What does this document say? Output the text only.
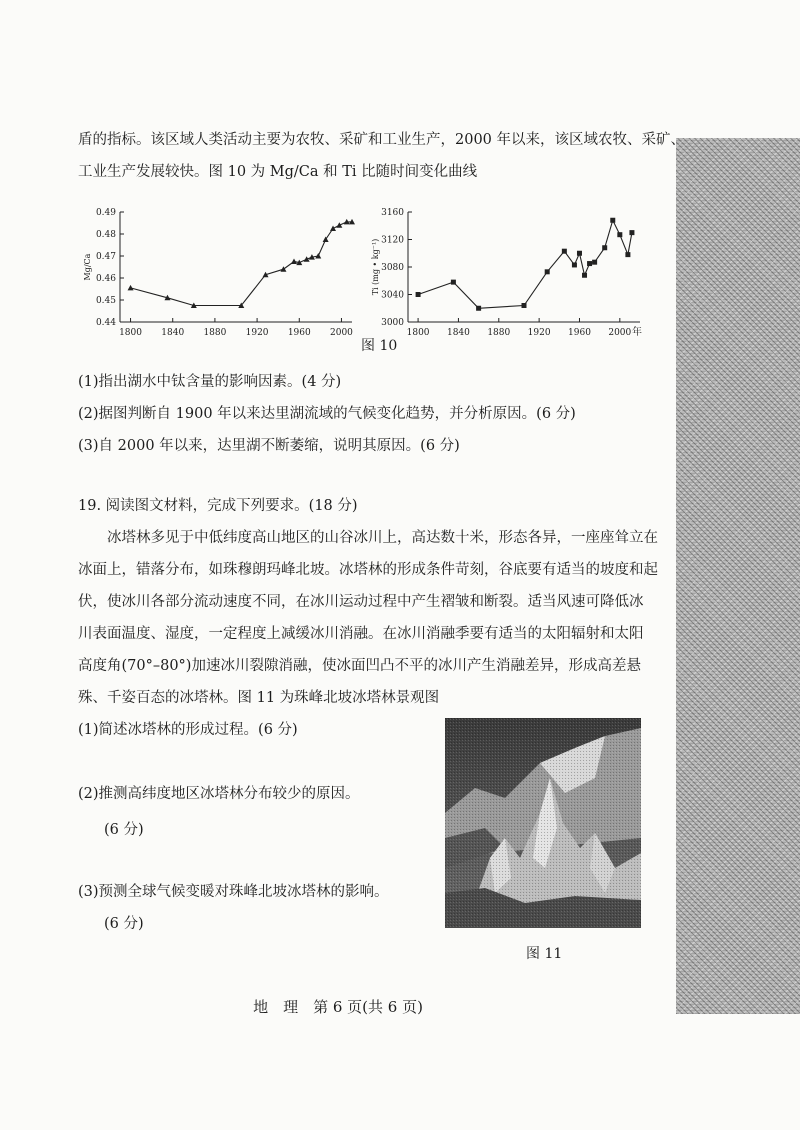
盾的指标。该区域人类活动主要为农牧、采矿和工业生产，2000 年以来，该区域农牧、采矿、
工业生产发展较快。图 10 为 Mg/Ca 和 Ti 比随时间变化曲线
0.44
0.45
0.46
0.47
0.48
0.49
1800 1840 1880 1920 1960 2000
Mg/Ca
3000
3040
3080
3120
3160
1800 1840 1880 1920 1960 2000 年
Ti (mg • kg⁻¹)
图 10
(1)指出湖水中钛含量的影响因素。(4 分)
(2)据图判断自 1900 年以来达里湖流域的气候变化趋势，并分析原因。(6 分)
(3)自 2000 年以来，达里湖不断萎缩，说明其原因。(6 分)
19. 阅读图文材料，完成下列要求。(18 分)
冰塔林多见于中低纬度高山地区的山谷冰川上，高达数十米，形态各异，一座座耸立在
冰面上，错落分布，如珠穆朗玛峰北坡。冰塔林的形成条件苛刻，谷底要有适当的坡度和起
伏，使冰川各部分流动速度不同，在冰川运动过程中产生褶皱和断裂。适当风速可降低冰
川表面温度、湿度，一定程度上减缓冰川消融。在冰川消融季要有适当的太阳辐射和太阳
高度角(70°–80°)加速冰川裂隙消融，使冰面凹凸不平的冰川产生消融差异，形成高差悬
殊、千姿百态的冰塔林。图 11 为珠峰北坡冰塔林景观图
(1)简述冰塔林的形成过程。(6 分)
(2)推测高纬度地区冰塔林分布较少的原因。
(6 分)
(3)预测全球气候变暖对珠峰北坡冰塔林的影响。
(6 分)
图 11
地　理　第 6 页(共 6 页)
